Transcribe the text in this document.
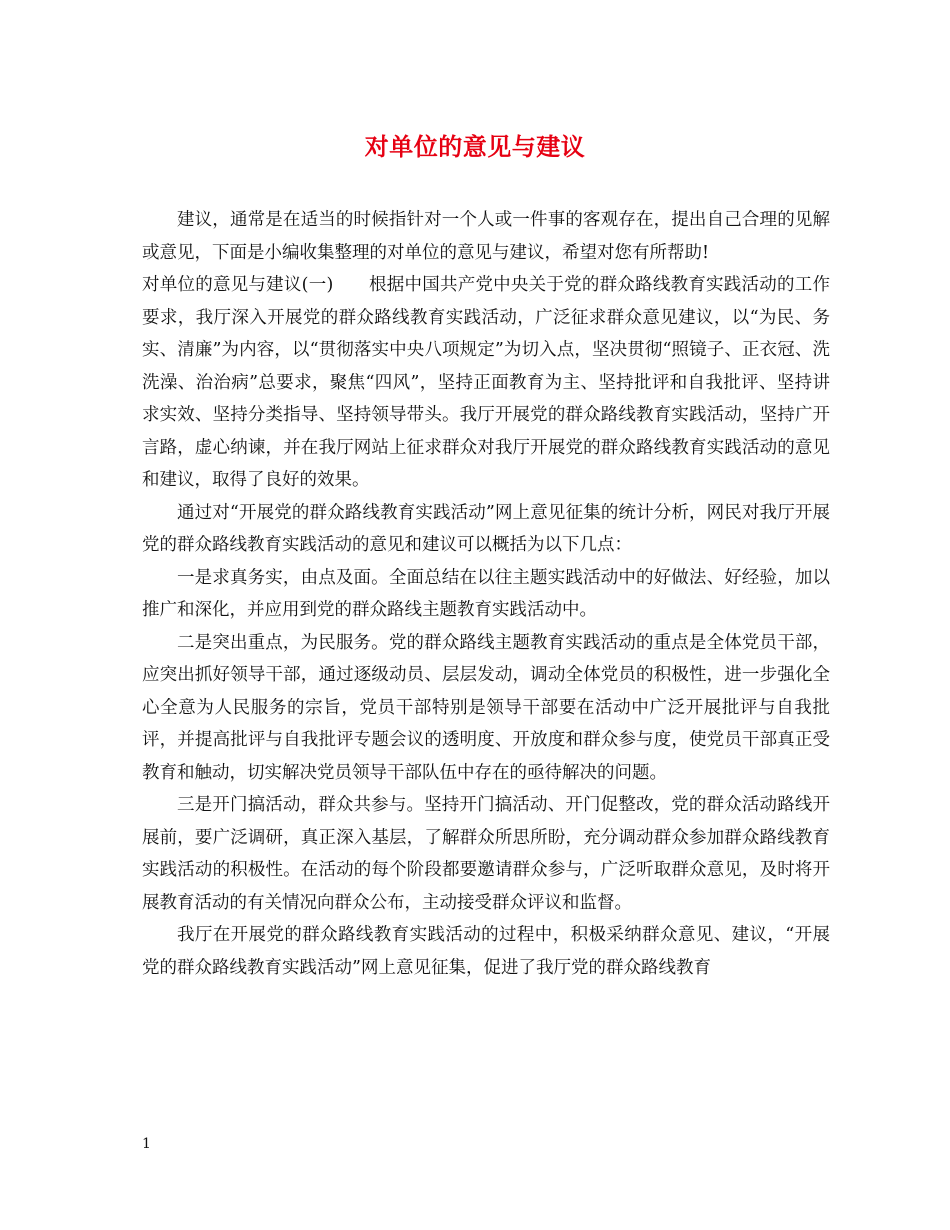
对单位的意见与建议

建议，通常是在适当的时候指针对一个人或一件事的客观存在，提出自己合理的见解或意见，下面是小编收集整理的对单位的意见与建议，希望对您有所帮助!

对单位的意见与建议(一)　　根据中国共产党中央关于党的群众路线教育实践活动的工作要求，我厅深入开展党的群众路线教育实践活动，广泛征求群众意见建议，以“为民、务实、清廉”为内容，以“贯彻落实中央八项规定”为切入点，坚决贯彻“照镜子、正衣冠、洗洗澡、治治病”总要求，聚焦“四风”，坚持正面教育为主、坚持批评和自我批评、坚持讲求实效、坚持分类指导、坚持领导带头。我厅开展党的群众路线教育实践活动，坚持广开言路，虚心纳谏，并在我厅网站上征求群众对我厅开展党的群众路线教育实践活动的意见和建议，取得了良好的效果。

通过对“开展党的群众路线教育实践活动”网上意见征集的统计分析，网民对我厅开展党的群众路线教育实践活动的意见和建议可以概括为以下几点：

一是求真务实，由点及面。全面总结在以往主题实践活动中的好做法、好经验，加以推广和深化，并应用到党的群众路线主题教育实践活动中。

二是突出重点，为民服务。党的群众路线主题教育实践活动的重点是全体党员干部，应突出抓好领导干部，通过逐级动员、层层发动，调动全体党员的积极性，进一步强化全心全意为人民服务的宗旨，党员干部特别是领导干部要在活动中广泛开展批评与自我批评，并提高批评与自我批评专题会议的透明度、开放度和群众参与度，使党员干部真正受教育和触动，切实解决党员领导干部队伍中存在的亟待解决的问题。

三是开门搞活动，群众共参与。坚持开门搞活动、开门促整改，党的群众活动路线开展前，要广泛调研，真正深入基层，了解群众所思所盼，充分调动群众参加群众路线教育实践活动的积极性。在活动的每个阶段都要邀请群众参与，广泛听取群众意见，及时将开展教育活动的有关情况向群众公布，主动接受群众评议和监督。

我厅在开展党的群众路线教育实践活动的过程中，积极采纳群众意见、建议，“开展党的群众路线教育实践活动”网上意见征集，促进了我厅党的群众路线教育

1
